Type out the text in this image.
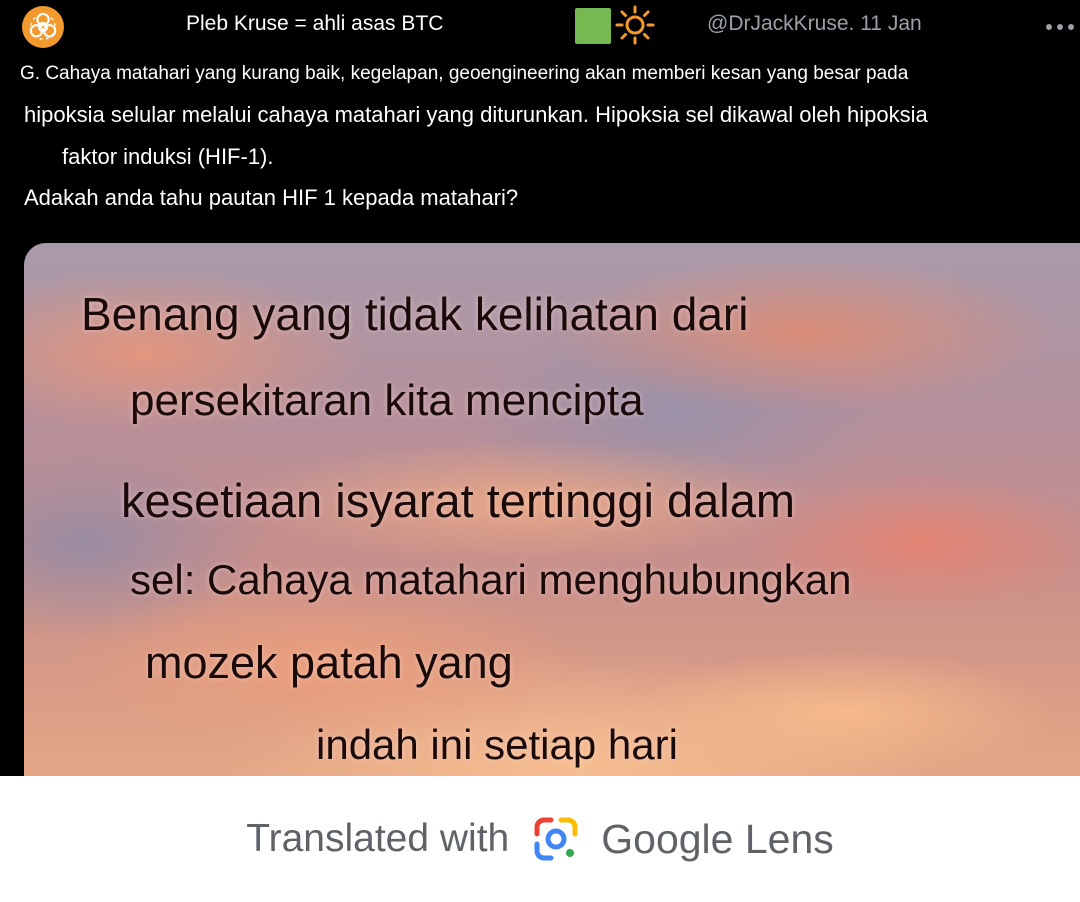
Pleb Kruse = ahli asas BTC	@DrJackKruse. 11 Jan
G. Cahaya matahari yang kurang baik, kegelapan, geoengineering akan memberi kesan yang besar pada
hipoksia selular melalui cahaya matahari yang diturunkan. Hipoksia sel dikawal oleh hipoksia
faktor induksi (HIF-1).
Adakah anda tahu pautan HIF 1 kepada matahari?
Benang yang tidak kelihatan dari
persekitaran kita mencipta
kesetiaan isyarat tertinggi dalam
sel: Cahaya matahari menghubungkan
mozek patah yang
indah ini setiap hari
Translated with Google Lens
